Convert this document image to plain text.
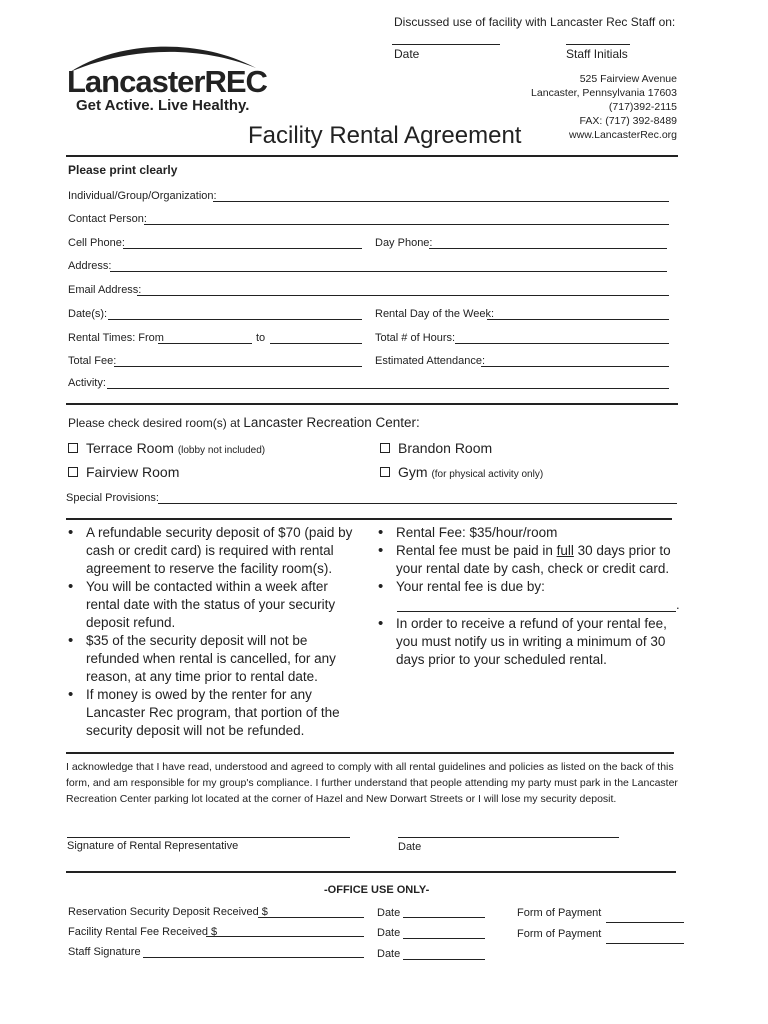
Discussed use of facility with Lancaster Rec Staff on:
Date	Staff Initials
LancasterREC
Get Active. Live Healthy.
525 Fairview Avenue
Lancaster, Pennsylvania 17603
(717)392-2115
FAX: (717) 392-8489
www.LancasterRec.org
Facility Rental Agreement
Please print clearly
Individual/Group/Organization:
Contact Person:
Cell Phone:	Day Phone:
Address:
Email Address:
Date(s):	Rental Day of the Week:
Rental Times: From	to	Total # of Hours:
Total Fee:	Estimated Attendance:
Activity:
Please check desired room(s) at Lancaster Recreation Center:
Terrace Room (lobby not included)	Brandon Room
Fairview Room	Gym (for physical activity only)
Special Provisions:
• A refundable security deposit of $70 (paid by cash or credit card) is required with rental agreement to reserve the facility room(s).
• You will be contacted within a week after rental date with the status of your security deposit refund.
• $35 of the security deposit will not be refunded when rental is cancelled, for any reason, at any time prior to rental date.
• If money is owed by the renter for any Lancaster Rec program, that portion of the security deposit will not be refunded.
• Rental Fee: $35/hour/room
• Rental fee must be paid in full 30 days prior to your rental date by cash, check or credit card.
• Your rental fee is due by:
.
• In order to receive a refund of your rental fee, you must notify us in writing a minimum of 30 days prior to your scheduled rental.
I acknowledge that I have read, understood and agreed to comply with all rental guidelines and policies as listed on the back of this form, and am responsible for my group's compliance. I further understand that people attending my party must park in the Lancaster Recreation Center parking lot located at the corner of Hazel and New Dorwart Streets or I will lose my security deposit.
Signature of Rental Representative	Date
-OFFICE USE ONLY-
Reservation Security Deposit Received $	Date	Form of Payment
Facility Rental Fee Received $	Date	Form of Payment
Staff Signature	Date
